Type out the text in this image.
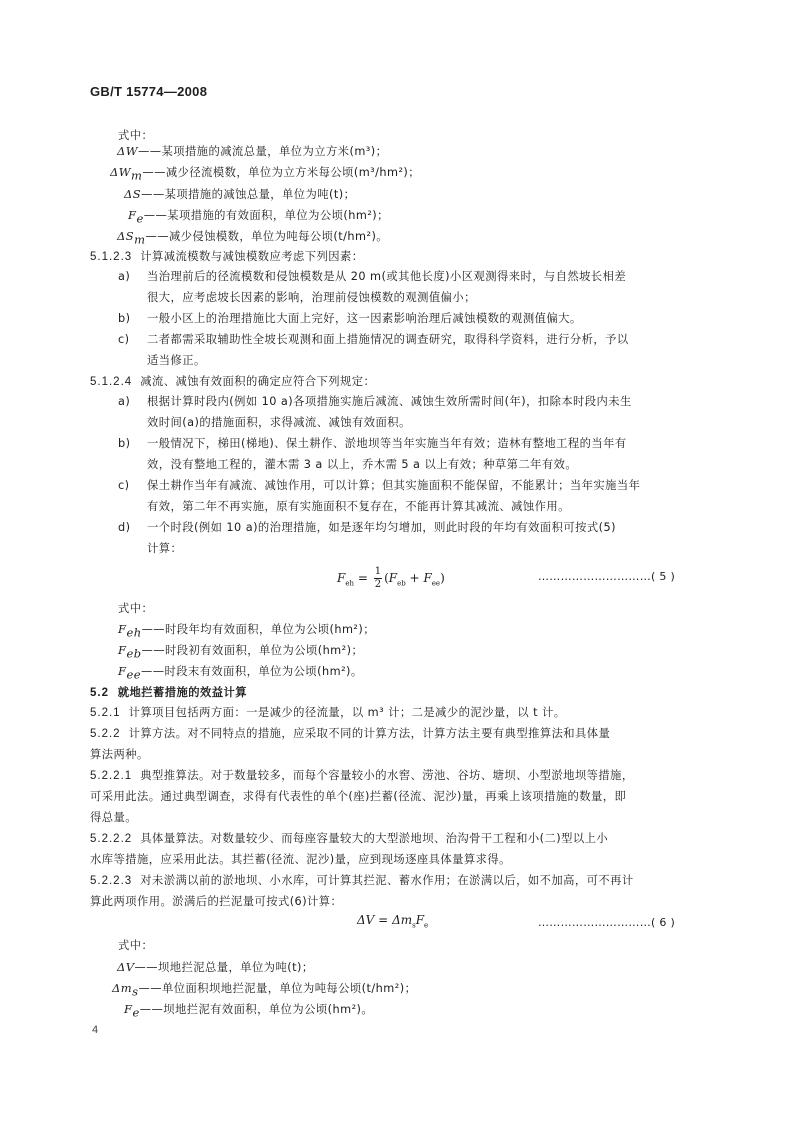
GB/T 15774—2008
式中：
ΔW——某项措施的减流总量，单位为立方米(m³)；
$\Delta W_m——$减少径流模数，单位为立方米每公顷(m³/hm²)；
ΔS——某项措施的减蚀总量，单位为吨(t)；
$F_e——$某项措施的有效面积，单位为公顷(hm²)；
$\Delta S_m——$减少侵蚀模数，单位为吨每公顷(t/hm²)。
5.1.2.3 计算减流模数与减蚀模数应考虑下列因素：
a) 当治理前后的径流模数和侵蚀模数是从 20 m(或其他长度)小区观测得来时，与自然坡长相差
很大，应考虑坡长因素的影响，治理前侵蚀模数的观测值偏小；
b) 一般小区上的治理措施比大面上完好，这一因素影响治理后减蚀模数的观测值偏大。
c) 二者都需采取辅助性全坡长观测和面上措施情况的调查研究，取得科学资料，进行分析，予以
适当修正。
5.1.2.4 减流、减蚀有效面积的确定应符合下列规定：
a) 根据计算时段内(例如 10 a)各项措施实施后减流、减蚀生效所需时间(年)，扣除本时段内未生
效时间(a)的措施面积，求得减流、减蚀有效面积。
b) 一般情况下，梯田(梯地)、保土耕作、淤地坝等当年实施当年有效；造林有整地工程的当年有
效，没有整地工程的，灌木需 3 a 以上，乔木需 5 a 以上有效；种草第二年有效。
c) 保土耕作当年有减流、减蚀作用，可以计算；但其实施面积不能保留，不能累计；当年实施当年
有效，第二年不再实施，原有实施面积不复存在，不能再计算其减流、减蚀作用。
d) 一个时段(例如 10 a)的治理措施，如是逐年均匀增加，则此时段的年均有效面积可按式(5)
计算：
$F_{eh} = \frac{1}{2} (F_{eb} + F_{ee})$	…………………………( 5 )
式中：
$F_{eh}——$时段年均有效面积，单位为公顷(hm²)；
$F_{eb}——$时段初有效面积，单位为公顷(hm²)；
$F_{ee}——$时段末有效面积，单位为公顷(hm²)。
5.2 就地拦蓄措施的效益计算
5.2.1 计算项目包括两方面：一是减少的径流量，以 m³ 计；二是减少的泥沙量，以 t 计。
5.2.2 计算方法。对不同特点的措施，应采取不同的计算方法，计算方法主要有典型推算法和具体量
算法两种。
5.2.2.1 典型推算法。对于数量较多，而每个容量较小的水窖、涝池、谷坊、塘坝、小型淤地坝等措施，
可采用此法。通过典型调查，求得有代表性的单个(座)拦蓄(径流、泥沙)量，再乘上该项措施的数量，即
得总量。
5.2.2.2 具体量算法。对数量较少、而每座容量较大的大型淤地坝、治沟骨干工程和小(二)型以上小
水库等措施，应采用此法。其拦蓄(径流、泥沙)量，应到现场逐座具体量算求得。
5.2.2.3 对未淤满以前的淤地坝、小水库，可计算其拦泥、蓄水作用；在淤满以后，如不加高，可不再计
算此两项作用。淤满后的拦泥量可按式(6)计算：
$\Delta V = \Delta m_sF_e$	…………………………( 6 )
式中：
ΔV——坝地拦泥总量，单位为吨(t)；
$\Delta m_s——$单位面积坝地拦泥量，单位为吨每公顷(t/hm²)；
$F_e——$坝地拦泥有效面积，单位为公顷(hm²)。
4
